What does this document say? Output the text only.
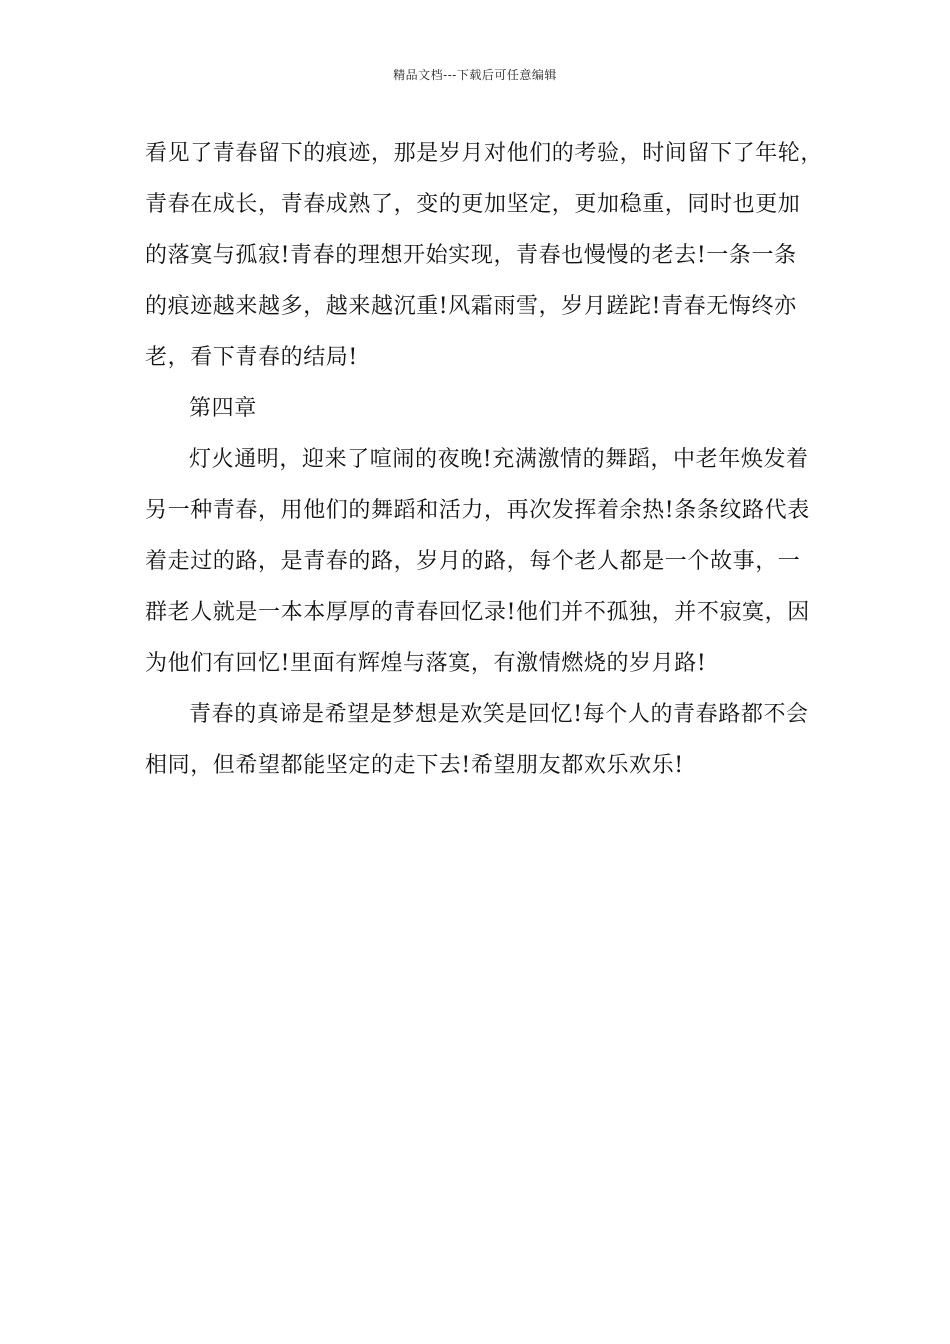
精品文档---下载后可任意编辑
看见了青春留下的痕迹，那是岁月对他们的考验，时间留下了年轮，
青春在成长，青春成熟了，变的更加坚定，更加稳重，同时也更加
的落寞与孤寂!青春的理想开始实现，青春也慢慢的老去!一条一条
的痕迹越来越多，越来越沉重!风霜雨雪，岁月蹉跎!青春无悔终亦
老，看下青春的结局!
第四章
灯火通明，迎来了喧闹的夜晚!充满激情的舞蹈，中老年焕发着
另一种青春，用他们的舞蹈和活力，再次发挥着余热!条条纹路代表
着走过的路，是青春的路，岁月的路，每个老人都是一个故事，一
群老人就是一本本厚厚的青春回忆录!他们并不孤独，并不寂寞，因
为他们有回忆!里面有辉煌与落寞，有激情燃烧的岁月路!
青春的真谛是希望是梦想是欢笑是回忆!每个人的青春路都不会
相同，但希望都能坚定的走下去!希望朋友都欢乐欢乐!
